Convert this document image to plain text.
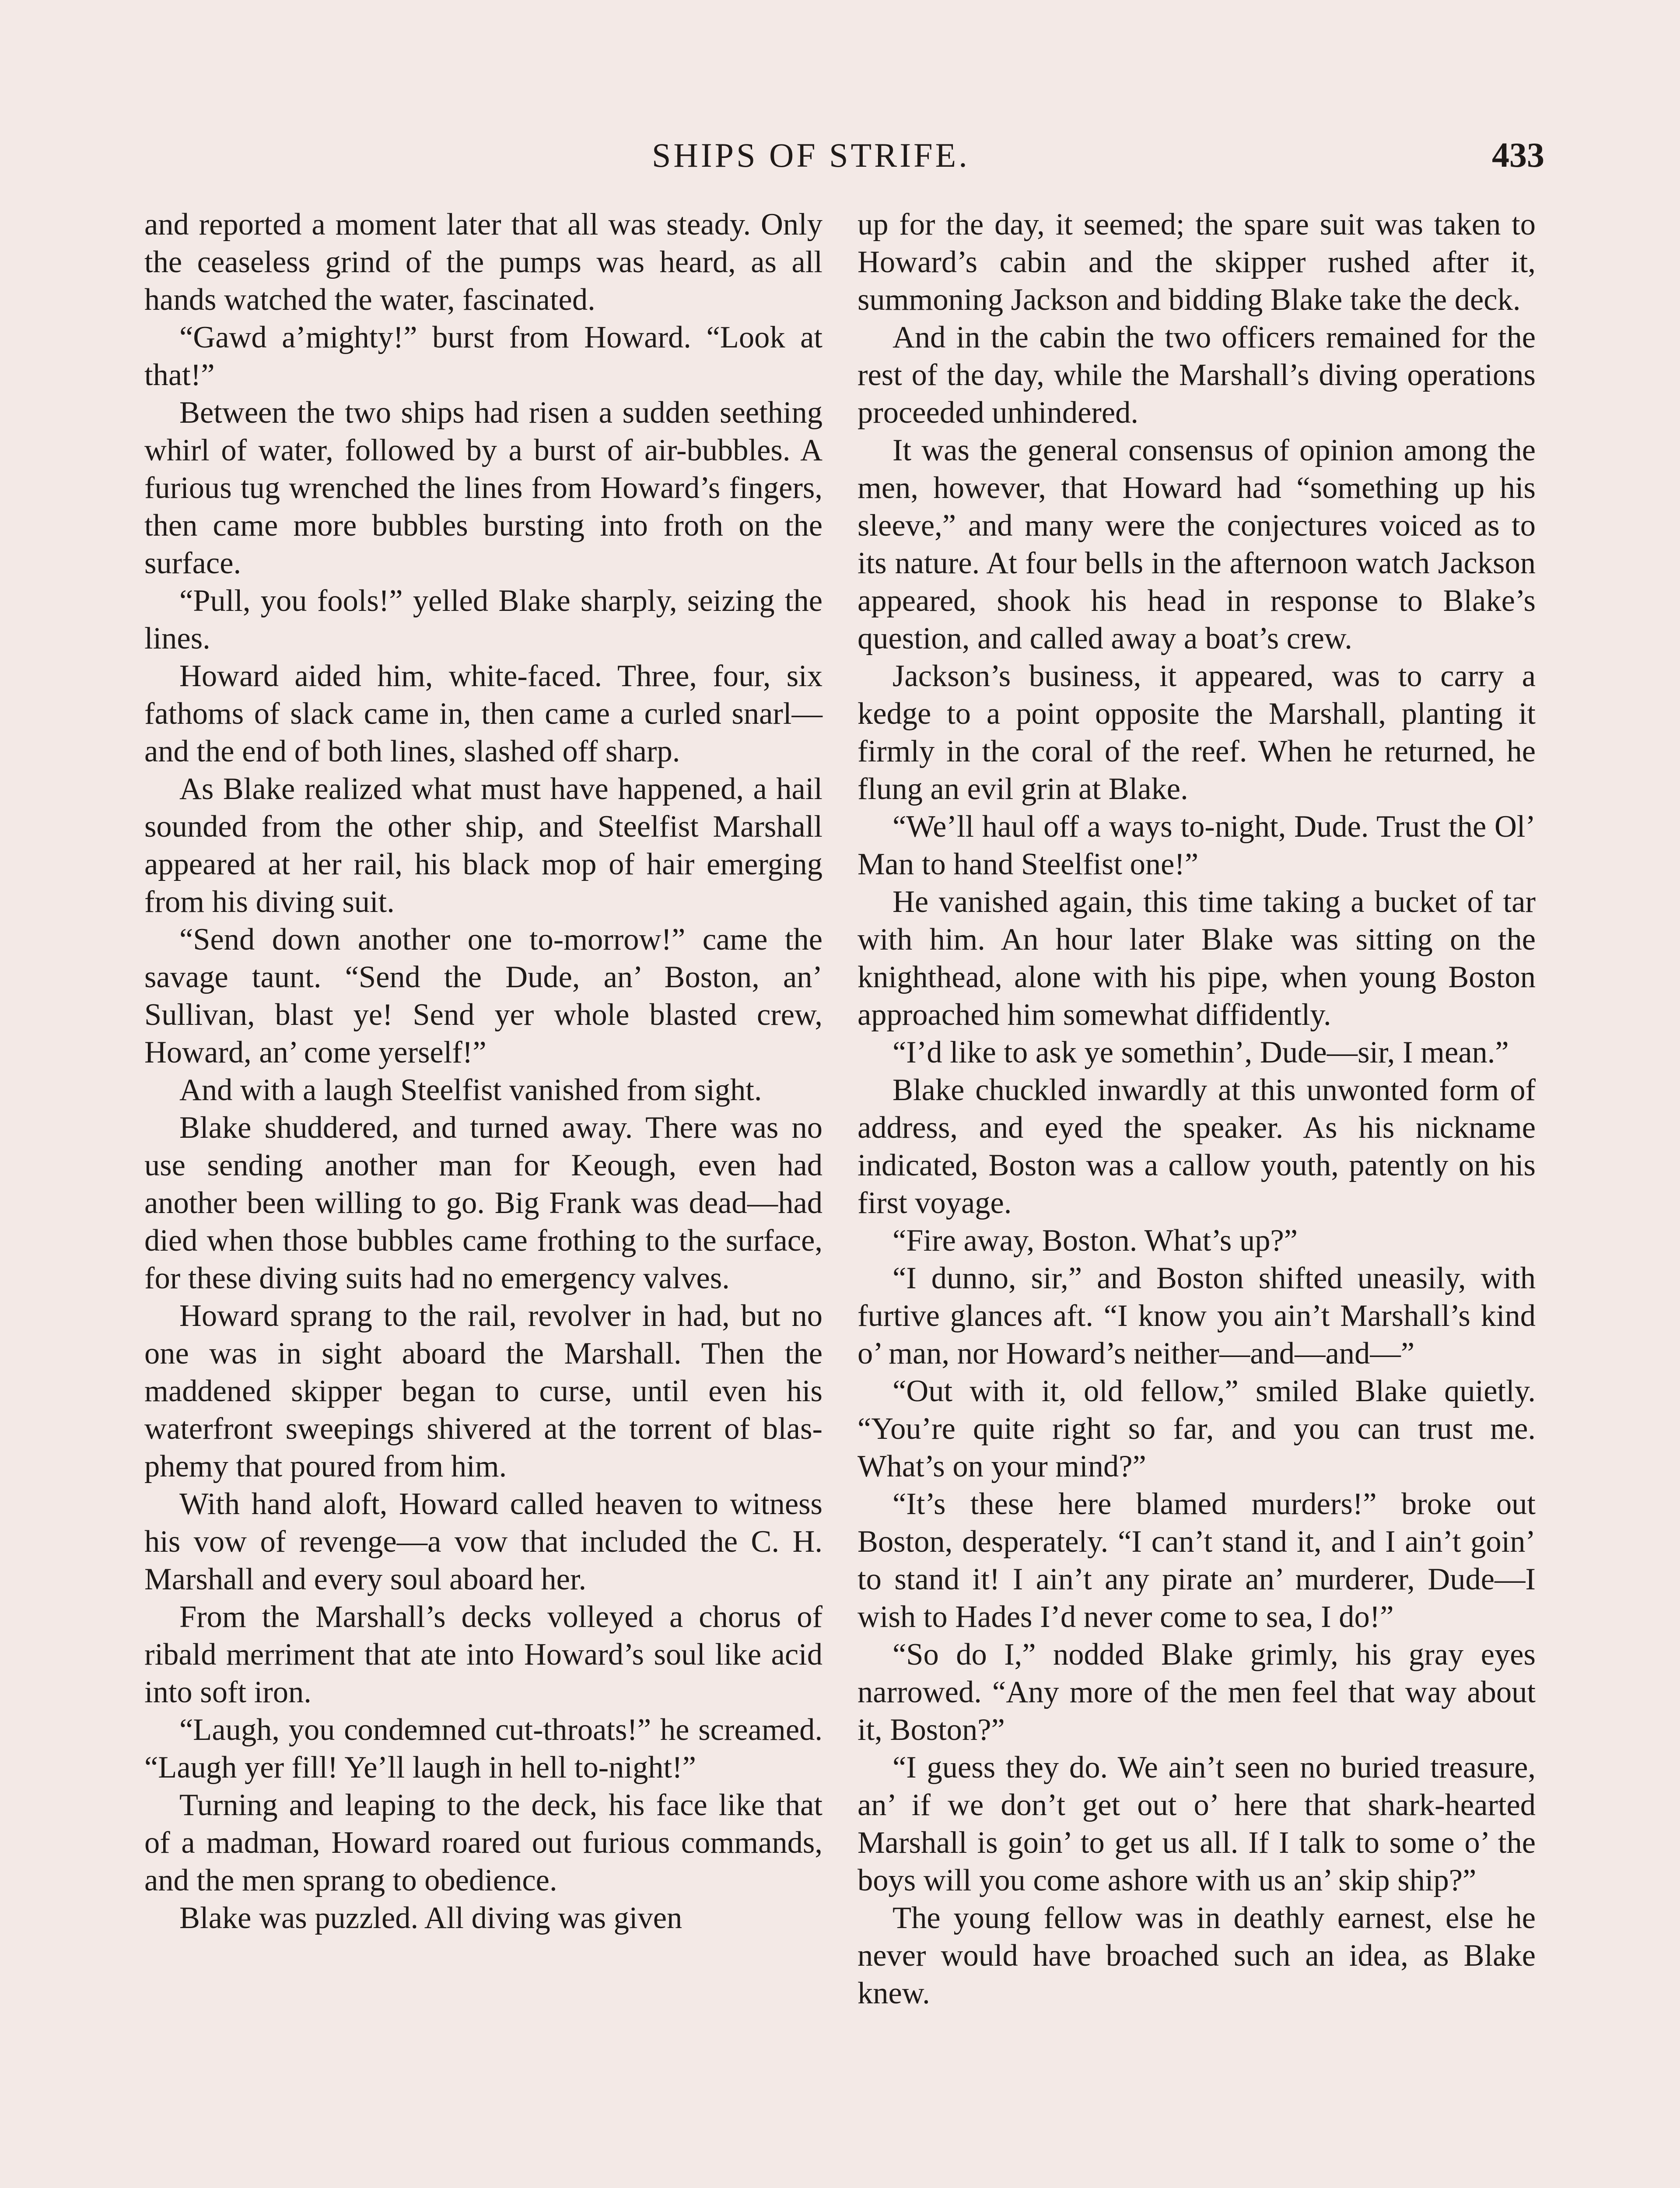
SHIPS OF STRIFE.	433

and reported a moment later that all was steady. Only the ceaseless grind of the pumps was heard, as all hands watched the water, fascinated.

“Gawd a’mighty!” burst from Howard. “Look at that!”

Between the two ships had risen a sudden seething whirl of water, followed by a burst of air-bubbles. A furious tug wrenched the lines from Howard’s fingers, then came more bubbles bursting into froth on the surface.

“Pull, you fools!” yelled Blake sharply, seizing the lines.

Howard aided him, white-faced. Three, four, six fathoms of slack came in, then came a curled snarl—and the end of both lines, slashed off sharp.

As Blake realized what must have happened, a hail sounded from the other ship, and Steelfist Marshall appeared at her rail, his black mop of hair emerging from his diving suit.

“Send down another one to-morrow!” came the savage taunt. “Send the Dude, an’ Boston, an’ Sullivan, blast ye! Send yer whole blasted crew, Howard, an’ come yerself!”

And with a laugh Steelfist vanished from sight.

Blake shuddered, and turned away. There was no use sending another man for Keough, even had another been willing to go. Big Frank was dead—had died when those bubbles came frothing to the surface, for these diving suits had no emergency valves.

Howard sprang to the rail, revolver in had, but no one was in sight aboard the Marshall. Then the maddened skipper began to curse, until even his waterfront sweepings shivered at the torrent of blasphemy that poured from him.

With hand aloft, Howard called heaven to witness his vow of revenge—a vow that included the C. H. Marshall and every soul aboard her.

From the Marshall’s decks volleyed a chorus of ribald merriment that ate into Howard’s soul like acid into soft iron.

“Laugh, you condemned cut-throats!” he screamed. “Laugh yer fill! Ye’ll laugh in hell to-night!”

Turning and leaping to the deck, his face like that of a madman, Howard roared out furious commands, and the men sprang to obedience.

Blake was puzzled. All diving was given

up for the day, it seemed; the spare suit was taken to Howard’s cabin and the skipper rushed after it, summoning Jackson and bidding Blake take the deck.

And in the cabin the two officers remained for the rest of the day, while the Marshall’s diving operations proceeded unhindered.

It was the general consensus of opinion among the men, however, that Howard had “something up his sleeve,” and many were the conjectures voiced as to its nature. At four bells in the afternoon watch Jackson appeared, shook his head in response to Blake’s question, and called away a boat’s crew.

Jackson’s business, it appeared, was to carry a kedge to a point opposite the Marshall, planting it firmly in the coral of the reef. When he returned, he flung an evil grin at Blake.

“We’ll haul off a ways to-night, Dude. Trust the Ol’ Man to hand Steelfist one!”

He vanished again, this time taking a bucket of tar with him. An hour later Blake was sitting on the knighthead, alone with his pipe, when young Boston approached him somewhat diffidently.

“I’d like to ask ye somethin’, Dude—sir, I mean.”

Blake chuckled inwardly at this unwonted form of address, and eyed the speaker. As his nickname indicated, Boston was a callow youth, patently on his first voyage.

“Fire away, Boston. What’s up?”

“I dunno, sir,” and Boston shifted uneasily, with furtive glances aft. “I know you ain’t Marshall’s kind o’ man, nor Howard’s neither—and—and—”

“Out with it, old fellow,” smiled Blake quietly. “You’re quite right so far, and you can trust me. What’s on your mind?”

“It’s these here blamed murders!” broke out Boston, desperately. “I can’t stand it, and I ain’t goin’ to stand it! I ain’t any pirate an’ murderer, Dude—I wish to Hades I’d never come to sea, I do!”

“So do I,” nodded Blake grimly, his gray eyes narrowed. “Any more of the men feel that way about it, Boston?”

“I guess they do. We ain’t seen no buried treasure, an’ if we don’t get out o’ here that shark-hearted Marshall is goin’ to get us all. If I talk to some o’ the boys will you come ashore with us an’ skip ship?”

The young fellow was in deathly earnest, else he never would have broached such an idea, as Blake knew.
